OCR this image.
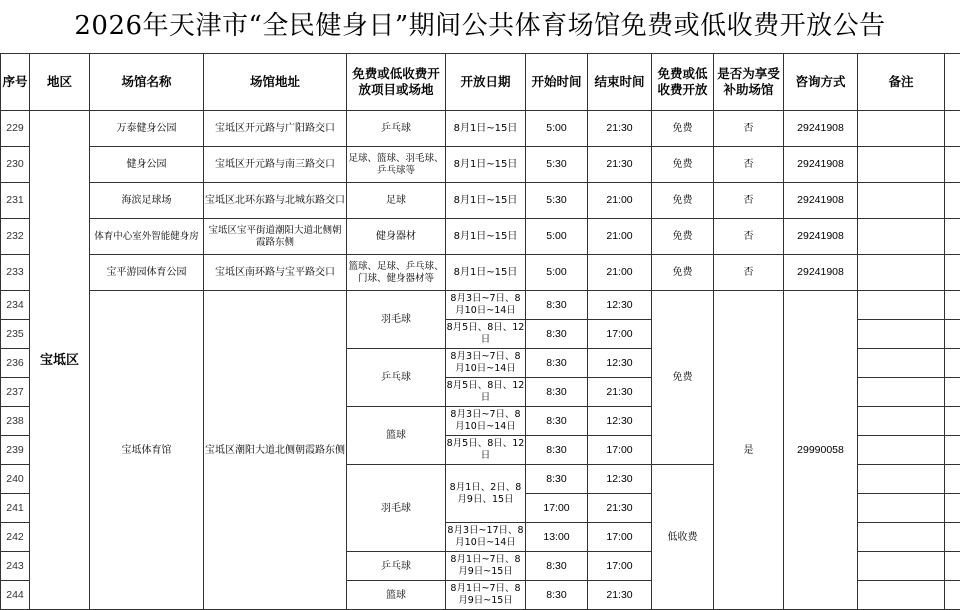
2026年天津市“全民健身日”期间公共体育场馆免费或低收费开放公告
序号	地区	场馆名称	场馆地址	免费或低收费开放项目或场地	开放日期	开始时间	结束时间	免费或低收费开放	是否为享受补助场馆	咨询方式	备注	
229	宝坻区	万泰健身公园	宝坻区开元路与广阳路交口	乒乓球	8月1日~15日	5:00	21:30	免费	否	29241908		
230		健身公园	宝坻区开元路与南三路交口	足球、篮球、羽毛球、乒乓球等	8月1日~15日	5:30	21:30	免费	否	29241908		
231		海滨足球场	宝坻区北环东路与北城东路交口	足球	8月1日~15日	5:30	21:00	免费	否	29241908		
232		体育中心室外智能健身房	宝坻区宝平街道潮阳大道北侧朝霞路东侧	健身器材	8月1日~15日	5:00	21:00	免费	否	29241908		
233		宝平游园体育公园	宝坻区南环路与宝平路交口	篮球、足球、乒乓球、门球、健身器材等	8月1日~15日	5:00	21:00	免费	否	29241908		
234		宝坻体育馆	宝坻区潮阳大道北侧朝霞路东侧	羽毛球	8月3日~7日、8月10日~14日	8:30	12:30	免费	是	29990058		
235					8月5日、8日、12日	8:30	17:00					
236				乒乓球	8月3日~7日、8月10日~14日	8:30	12:30					
237					8月5日、8日、12日	8:30	21:30					
238				篮球	8月3日~7日、8月10日~14日	8:30	12:30					
239					8月5日、8日、12日	8:30	17:00					
240				羽毛球	8月1日、2日、8月9日、15日	8:30	12:30	低收费				
241						17:00	21:30					
242					8月3日~17日、8月10日~14日	13:00	17:00					
243				乒乓球	8月1日~7日、8月9日~15日	8:30	17:00					
244				篮球	8月1日~7日、8月9日~15日	8:30	21:30					
